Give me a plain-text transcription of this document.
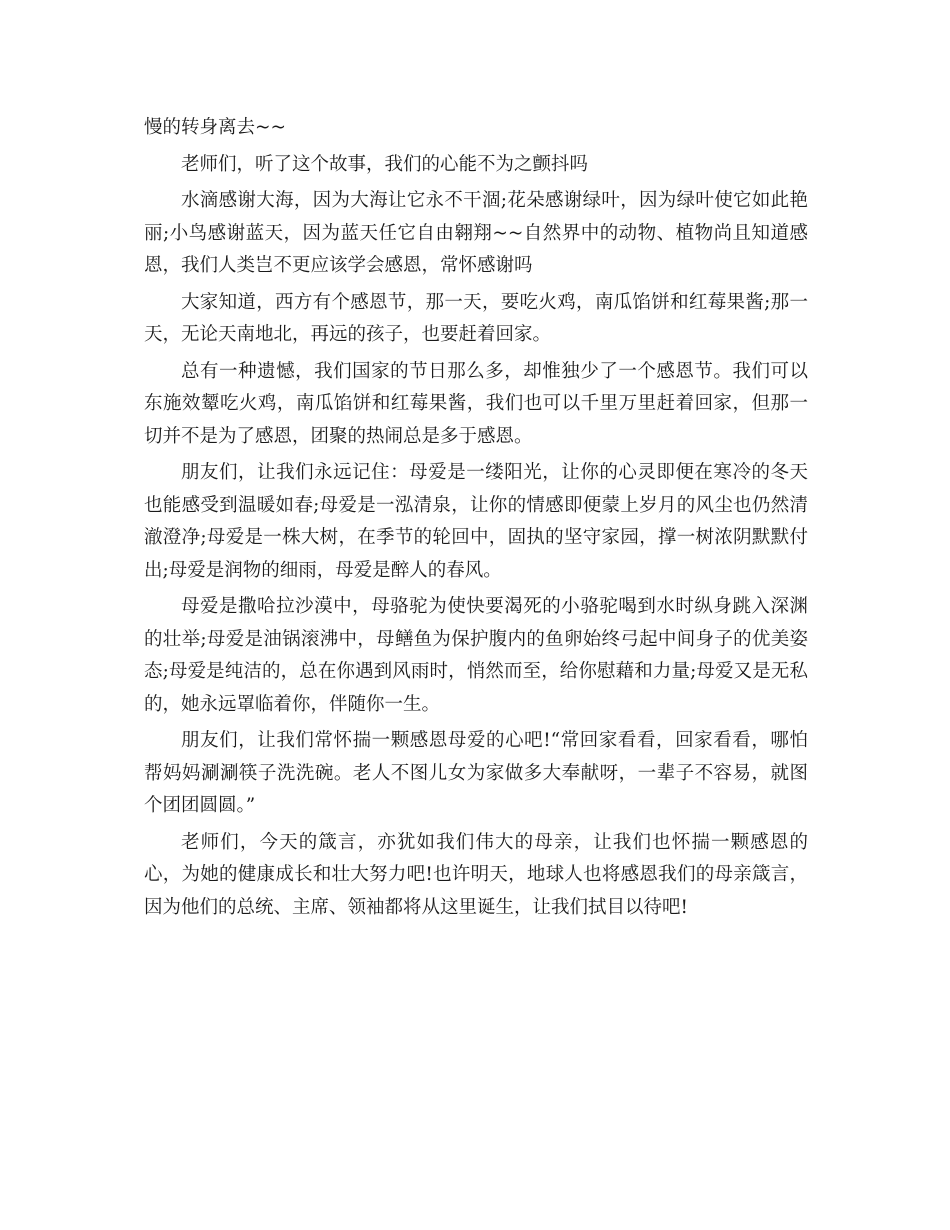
慢的转身离去~~

老师们，听了这个故事，我们的心能不为之颤抖吗

水滴感谢大海，因为大海让它永不干涸;花朵感谢绿叶，因为绿叶使它如此艳丽;小鸟感谢蓝天，因为蓝天任它自由翱翔~~自然界中的动物、植物尚且知道感恩，我们人类岂不更应该学会感恩，常怀感谢吗

大家知道，西方有个感恩节，那一天，要吃火鸡，南瓜馅饼和红莓果酱;那一天，无论天南地北，再远的孩子，也要赶着回家。

总有一种遗憾，我们国家的节日那么多，却惟独少了一个感恩节。我们可以东施效颦吃火鸡，南瓜馅饼和红莓果酱，我们也可以千里万里赶着回家，但那一切并不是为了感恩，团聚的热闹总是多于感恩。

朋友们，让我们永远记住：母爱是一缕阳光，让你的心灵即便在寒冷的冬天也能感受到温暖如春;母爱是一泓清泉，让你的情感即便蒙上岁月的风尘也仍然清澈澄净;母爱是一株大树，在季节的轮回中，固执的坚守家园，撑一树浓阴默默付出;母爱是润物的细雨，母爱是醉人的春风。

母爱是撒哈拉沙漠中，母骆驼为使快要渴死的小骆驼喝到水时纵身跳入深渊的壮举;母爱是油锅滚沸中，母鳝鱼为保护腹内的鱼卵始终弓起中间身子的优美姿态;母爱是纯洁的，总在你遇到风雨时，悄然而至，给你慰藉和力量;母爱又是无私的，她永远罩临着你，伴随你一生。

朋友们，让我们常怀揣一颗感恩母爱的心吧!“常回家看看，回家看看，哪怕帮妈妈涮涮筷子洗洗碗。老人不图儿女为家做多大奉献呀，一辈子不容易，就图个团团圆圆。”

老师们，今天的箴言，亦犹如我们伟大的母亲，让我们也怀揣一颗感恩的心，为她的健康成长和壮大努力吧!也许明天，地球人也将感恩我们的母亲箴言，因为他们的总统、主席、领袖都将从这里诞生，让我们拭目以待吧!
